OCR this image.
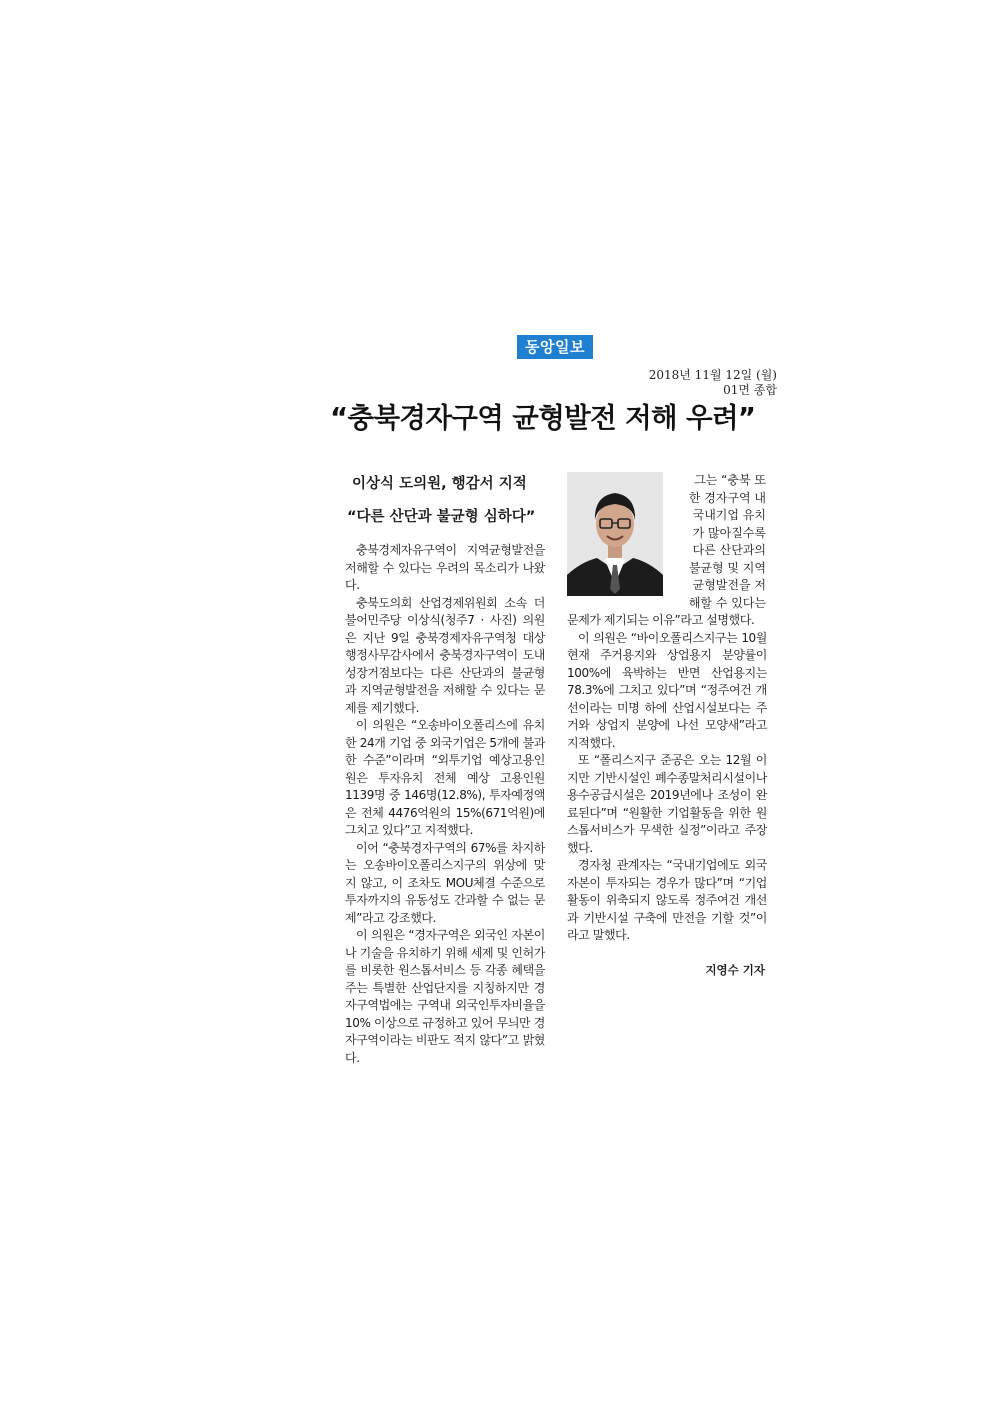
동앙일보
2018년 11월 12일 (월)
01면 종합
“충북경자구역 균형발전 저해 우려”
이상식 도의원, 행감서 지적
“다른 산단과 불균형 심하다”
그는 “충북 또
한 경자구역 내
국내기업 유치
가 많아질수록
다른 산단과의
불균형 및 지역
균형발전을 저
해할 수 있다는

충북경제자유구역이 지역균형발전을 저해할 수 있다는 우려의 목소리가 나왔다.

충북도의회 산업경제위원회 소속 더불어민주당 이상식(청주7 · 사진) 의원은 지난 9일 충북경제자유구역청 대상 행정사무감사에서 충북경자구역이 도내 성장거점보다는 다른 산단과의 불균형과 지역균형발전을 저해할 수 있다는 문제를 제기했다.

이 의원은 “오송바이오폴리스에 유치한 24개 기업 중 외국기업은 5개에 불과한 수준”이라며 “외투기업 예상고용인원은 투자유치 전체 예상 고용인원 1139명 중 146명(12.8%), 투자예정액은 전체 4476억원의 15%(671억원)에 그치고 있다”고 지적했다.

이어 “충북경자구역의 67%를 차지하는 오송바이오폴리스지구의 위상에 맞지 않고, 이 조차도 MOU체결 수준으로 투자까지의 유동성도 간과할 수 없는 문제”라고 강조했다.

이 의원은 “경자구역은 외국인 자본이나 기술을 유치하기 위해 세제 및 인허가를 비롯한 원스톱서비스 등 각종 혜택을 주는 특별한 산업단지를 지칭하지만 경자구역법에는 구역내 외국인투자비율을 10% 이상으로 규정하고 있어 무늬만 경자구역이라는 비판도 적지 않다”고 밝혔다.

문제가 제기되는 이유”라고 설명했다.

이 의원은 “바이오폴리스지구는 10월 현재 주거용지와 상업용지 분양률이 100%에 육박하는 반면 산업용지는 78.3%에 그치고 있다”며 “정주여건 개선이라는 미명 하에 산업시설보다는 주거와 상업지 분양에 나선 모양새”라고 지적했다.

또 “폴리스지구 준공은 오는 12월 이지만 기반시설인 폐수종말처리시설이나 용수공급시설은 2019년에나 조성이 완료된다”며 “원활한 기업활동을 위한 원스톱서비스가 무색한 실정”이라고 주장했다.

경자청 관계자는 “국내기업에도 외국자본이 투자되는 경우가 많다”며 “기업활동이 위축되지 않도록 정주여건 개선과 기반시설 구축에 만전을 기할 것”이라고 말했다.

지영수 기자
